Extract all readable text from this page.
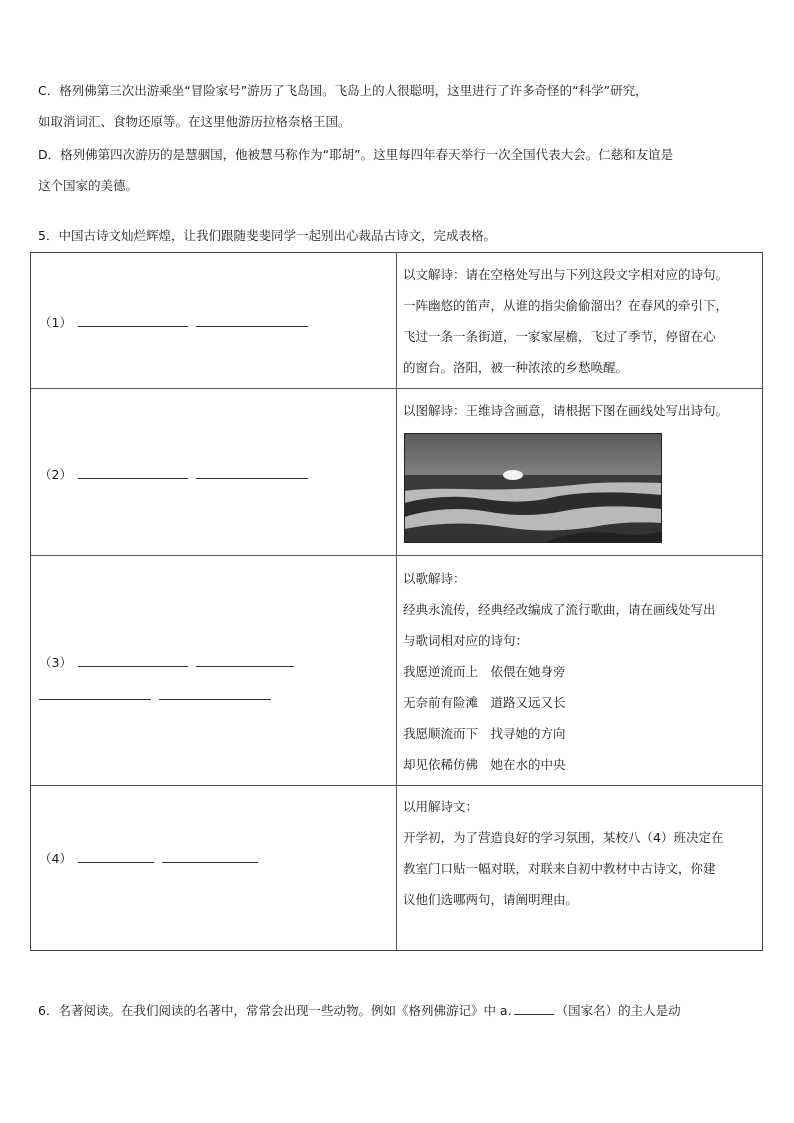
C．格列佛第三次出游乘坐“冒险家号”游历了飞岛国。飞岛上的人很聪明，这里进行了许多奇怪的“科学”研究，
如取消词汇、食物还原等。在这里他游历拉格奈格王国。
D．格列佛第四次游历的是慧骃国，他被慧马称作为“耶胡”。这里每四年春天举行一次全国代表大会。仁慈和友谊是
这个国家的美德。
5．中国古诗文灿烂辉煌，让我们跟随斐斐同学一起别出心裁品古诗文，完成表格。
（1）
以文解诗：请在空格处写出与下列这段文字相对应的诗句。
一阵幽悠的笛声，从谁的指尖偷偷溜出？在春风的牵引下，
飞过一条一条街道，一家家屋檐，飞过了季节，停留在心
的窗台。洛阳，被一种浓浓的乡愁唤醒。
（2）
以图解诗：王维诗含画意，请根据下图在画线处写出诗句。
（3）
以歌解诗：
经典永流传，经典经改编成了流行歌曲，请在画线处写出
与歌词相对应的诗句：
我愿逆流而上　依偎在她身旁
无奈前有险滩　道路又远又长
我愿顺流而下　找寻她的方向
却见依稀仿佛　她在水的中央
（4）
以用解诗文：
开学初，为了营造良好的学习氛围，某校八（4）班决定在
教室门口贴一幅对联，对联来自初中教材中古诗文，你建
议他们选哪两句，请阐明理由。
6．名著阅读。在我们阅读的名著中，常常会出现一些动物。例如《格列佛游记》中 a.	（国家名）的主人是动
